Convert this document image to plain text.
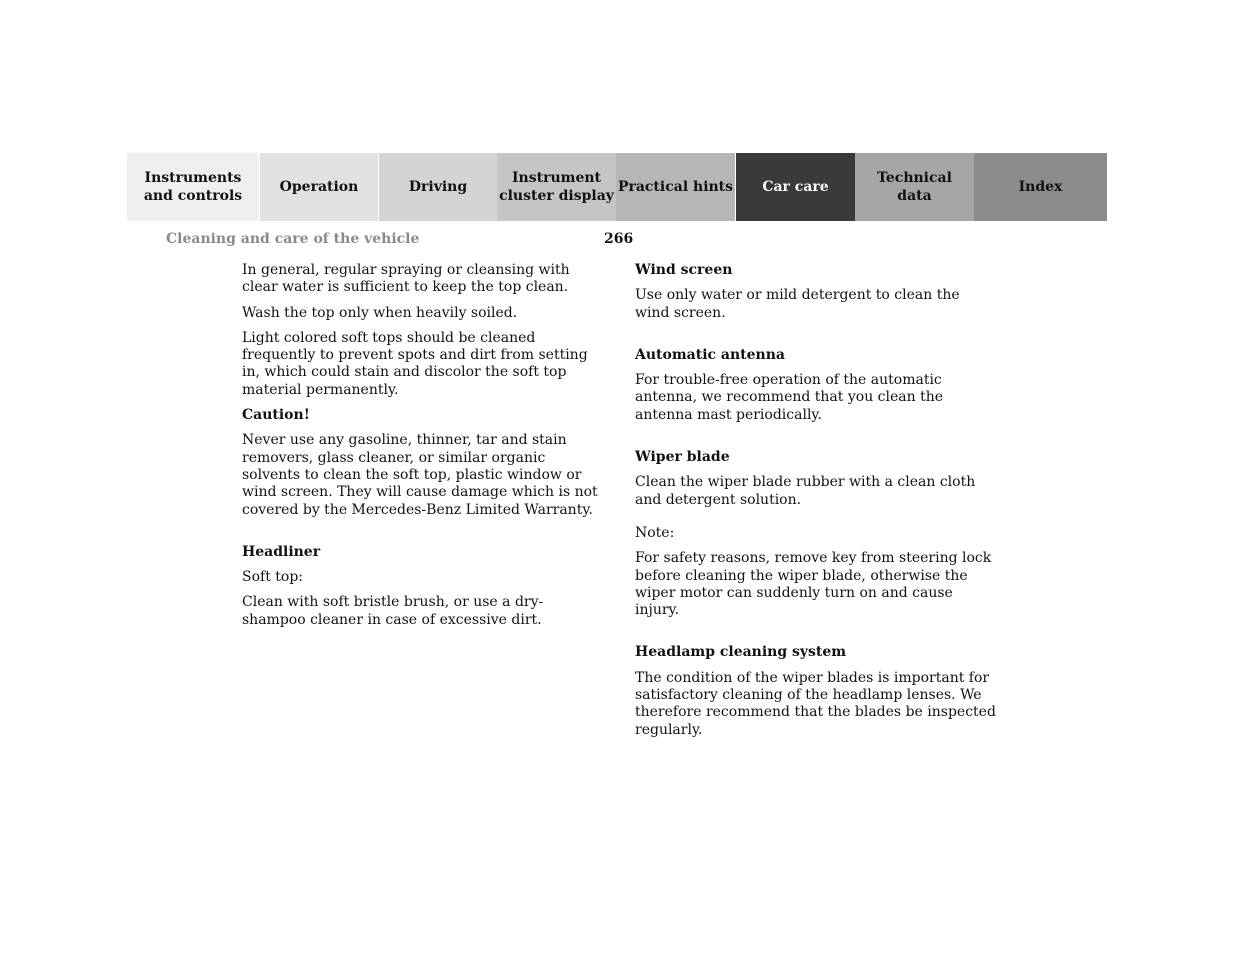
Instruments
and controls
Operation	Driving
Instrument
cluster display
Practical hints Car care
Technical
data
Index
Cleaning and care of the vehicle	266

In general, regular spraying or cleansing with clear water is sufficient to keep the top clean.

Wash the top only when heavily soiled.

Light colored soft tops should be cleaned frequently to prevent spots and dirt from setting in, which could stain and discolor the soft top material permanently.

Caution!

Never use any gasoline, thinner, tar and stain removers, glass cleaner, or similar organic solvents to clean the soft top, plastic window or wind screen. They will cause damage which is not covered by the Mercedes-Benz Limited Warranty.

Headliner

Soft top:

Clean with soft bristle brush, or use a dry-shampoo cleaner in case of excessive dirt.

Wind screen

Use only water or mild detergent to clean the wind screen.

Automatic antenna

For trouble-free operation of the automatic antenna, we recommend that you clean the antenna mast periodically.

Wiper blade

Clean the wiper blade rubber with a clean cloth and detergent solution.

Note:

For safety reasons, remove key from steering lock before cleaning the wiper blade, otherwise the wiper motor can suddenly turn on and cause injury.

Headlamp cleaning system

The condition of the wiper blades is important for satisfactory cleaning of the headlamp lenses. We therefore recommend that the blades be inspected regularly.
